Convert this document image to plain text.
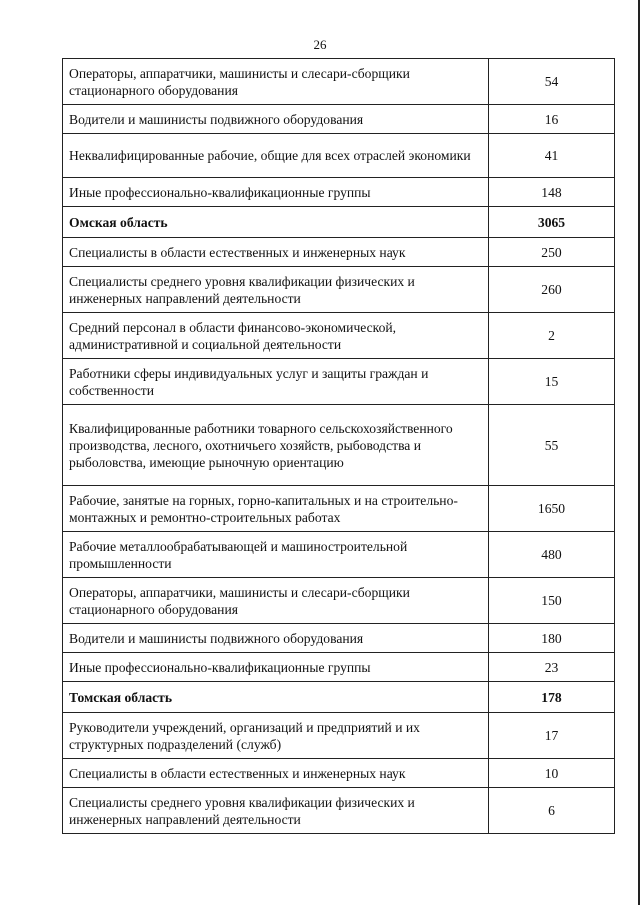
26
Операторы, аппаратчики, машинисты и слесари-сборщики стационарного оборудования	54
Водители и машинисты подвижного оборудования	16
Неквалифицированные рабочие, общие для всех отраслей экономики	41
Иные профессионально-квалификационные группы	148
Омская область	3065
Специалисты в области естественных и инженерных наук	250
Специалисты среднего уровня квалификации физических и инженерных направлений деятельности	260
Средний персонал в области финансово-экономической, административной и социальной деятельности	2
Работники сферы индивидуальных услуг и защиты граждан и собственности	15
Квалифицированные работники товарного сельскохозяйственного производства, лесного, охотничьего хозяйств, рыбоводства и рыболовства, имеющие рыночную ориентацию	55
Рабочие, занятые на горных, горно-капитальных и на строительно-монтажных и ремонтно-строительных работах	1650
Рабочие металлообрабатывающей и машиностроительной промышленности	480
Операторы, аппаратчики, машинисты и слесари-сборщики стационарного оборудования	150
Водители и машинисты подвижного оборудования	180
Иные профессионально-квалификационные группы	23
Томская область	178
Руководители учреждений, организаций и предприятий и их структурных подразделений (служб)	17
Специалисты в области естественных и инженерных наук	10
Специалисты среднего уровня квалификации физических и инженерных направлений деятельности	6
